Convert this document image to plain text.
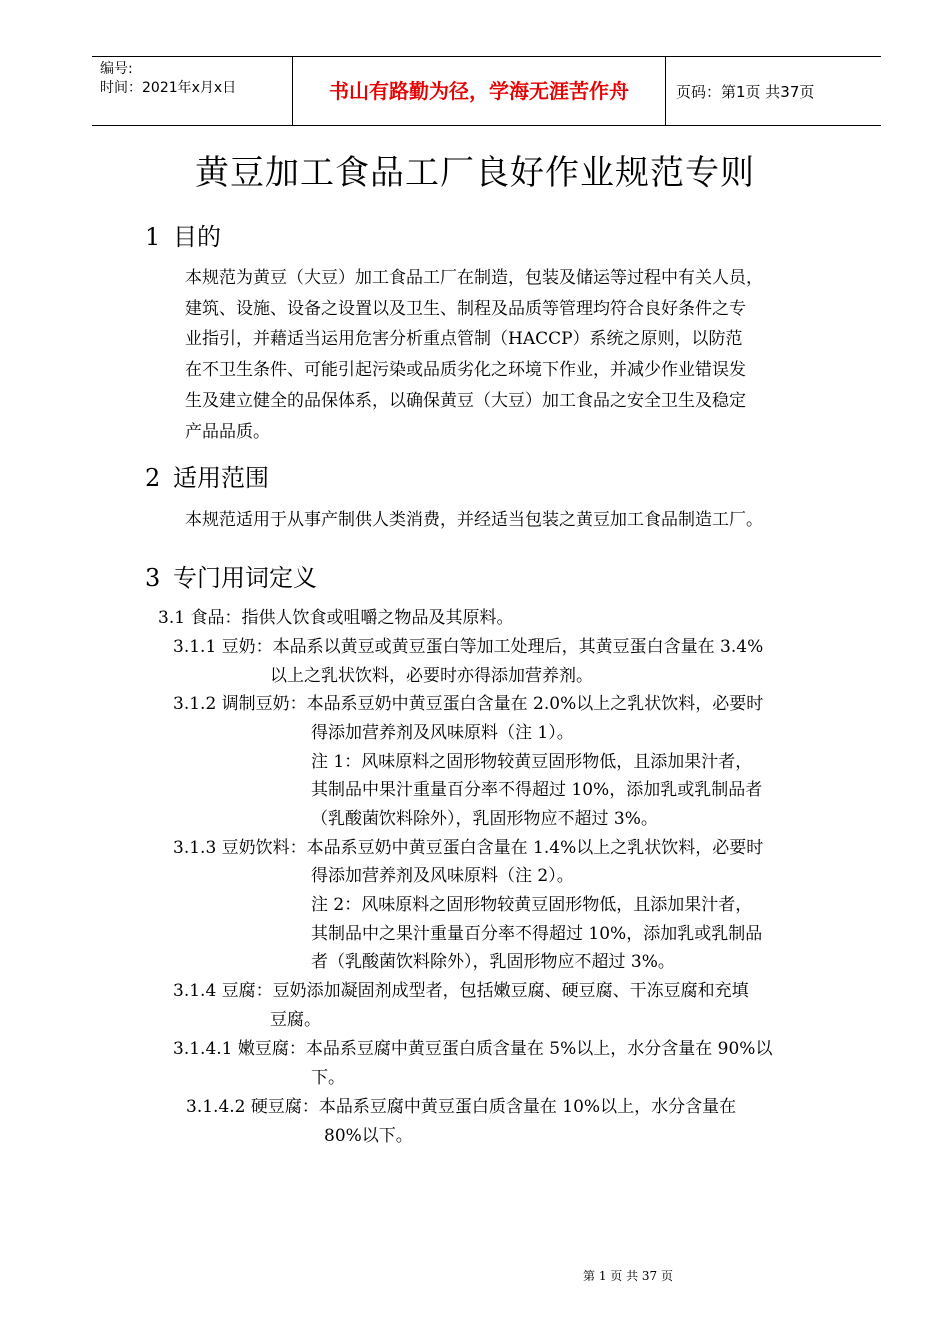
编号:
时间：2021年x月x日	书山有路勤为径，学海无涯苦作舟	页码：第1页 共37页
黄豆加工食品工厂良好作业规范专则
1 目的
本规范为黄豆（大豆）加工食品工厂在制造，包装及储运等过程中有关人员，
建筑、设施、设备之设置以及卫生、制程及品质等管理均符合良好条件之专
业指引，并藉适当运用危害分析重点管制（HACCP）系统之原则，以防范
在不卫生条件、可能引起污染或品质劣化之环境下作业，并减少作业错误发
生及建立健全的品保体系，以确保黄豆（大豆）加工食品之安全卫生及稳定
产品品质。
2 适用范围
本规范适用于从事产制供人类消费，并经适当包装之黄豆加工食品制造工厂。
3 专门用词定义
3.1 食品：指供人饮食或咀嚼之物品及其原料。
3.1.1 豆奶：本品系以黄豆或黄豆蛋白等加工处理后，其黄豆蛋白含量在 3.4%
以上之乳状饮料，必要时亦得添加营养剂。
3.1.2 调制豆奶：本品系豆奶中黄豆蛋白含量在 2.0%以上之乳状饮料，必要时
得添加营养剂及风味原料（注 1）。
注 1：风味原料之固形物较黄豆固形物低，且添加果汁者，
其制品中果汁重量百分率不得超过 10%，添加乳或乳制品者
（乳酸菌饮料除外），乳固形物应不超过 3%。
3.1.3 豆奶饮料：本品系豆奶中黄豆蛋白含量在 1.4%以上之乳状饮料，必要时
得添加营养剂及风味原料（注 2）。
注 2：风味原料之固形物较黄豆固形物低，且添加果汁者，
其制品中之果汁重量百分率不得超过 10%，添加乳或乳制品
者（乳酸菌饮料除外），乳固形物应不超过 3%。
3.1.4 豆腐：豆奶添加凝固剂成型者，包括嫩豆腐、硬豆腐、干冻豆腐和充填
豆腐。
3.1.4.1 嫩豆腐：本品系豆腐中黄豆蛋白质含量在 5%以上，水分含量在 90%以
下。
3.1.4.2 硬豆腐：本品系豆腐中黄豆蛋白质含量在 10%以上，水分含量在
80%以下。
第 1 页 共 37 页
